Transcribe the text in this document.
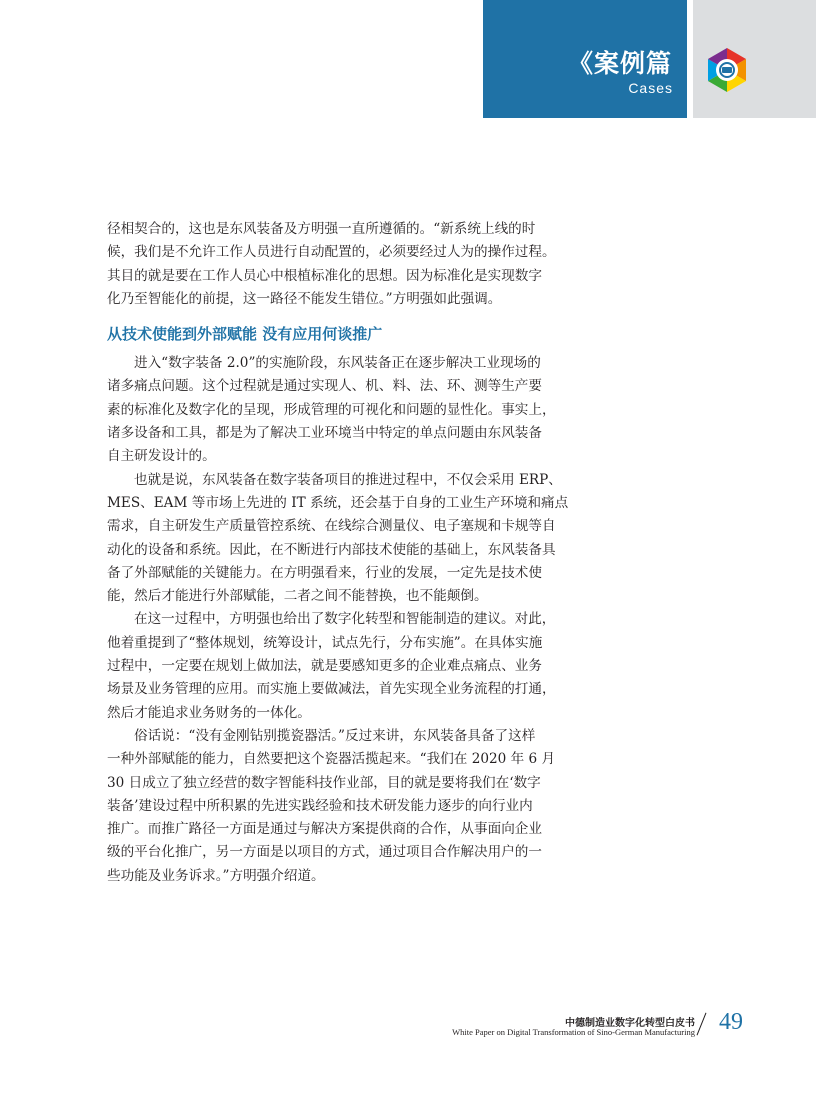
《案例篇
Cases

径相契合的，这也是东风装备及方明强一直所遵循的。“新系统上线的时
候，我们是不允许工作人员进行自动配置的，必须要经过人为的操作过程。
其目的就是要在工作人员心中根植标准化的思想。因为标准化是实现数字
化乃至智能化的前提，这一路径不能发生错位。”方明强如此强调。

从技术使能到外部赋能 没有应用何谈推广

进入“数字装备 2.0”的实施阶段，东风装备正在逐步解决工业现场的
诸多痛点问题。这个过程就是通过实现人、机、料、法、环、测等生产要
素的标准化及数字化的呈现，形成管理的可视化和问题的显性化。事实上，
诸多设备和工具，都是为了解决工业环境当中特定的单点问题由东风装备
自主研发设计的。

也就是说，东风装备在数字装备项目的推进过程中，不仅会采用 ERP、
MES、EAM 等市场上先进的 IT 系统，还会基于自身的工业生产环境和痛点
需求，自主研发生产质量管控系统、在线综合测量仪、电子塞规和卡规等自
动化的设备和系统。因此，在不断进行内部技术使能的基础上，东风装备具
备了外部赋能的关键能力。在方明强看来，行业的发展，一定先是技术使
能，然后才能进行外部赋能，二者之间不能替换，也不能颠倒。

在这一过程中，方明强也给出了数字化转型和智能制造的建议。对此，
他着重提到了“整体规划，统筹设计，试点先行，分布实施”。在具体实施
过程中，一定要在规划上做加法，就是要感知更多的企业难点痛点、业务
场景及业务管理的应用。而实施上要做减法，首先实现全业务流程的打通，
然后才能追求业务财务的一体化。

俗话说：“没有金刚钻别揽瓷器活。”反过来讲，东风装备具备了这样
一种外部赋能的能力，自然要把这个瓷器活揽起来。“我们在 2020 年 6 月
30 日成立了独立经营的数字智能科技作业部，目的就是要将我们在‘数字
装备’建设过程中所积累的先进实践经验和技术研发能力逐步的向行业内
推广。而推广路径一方面是通过与解决方案提供商的合作，从事面向企业
级的平台化推广，另一方面是以项目的方式，通过项目合作解决用户的一
些功能及业务诉求。”方明强介绍道。

中德制造业数字化转型白皮书
White Paper on Digital Transformation of Sino-German Manufacturing 49
